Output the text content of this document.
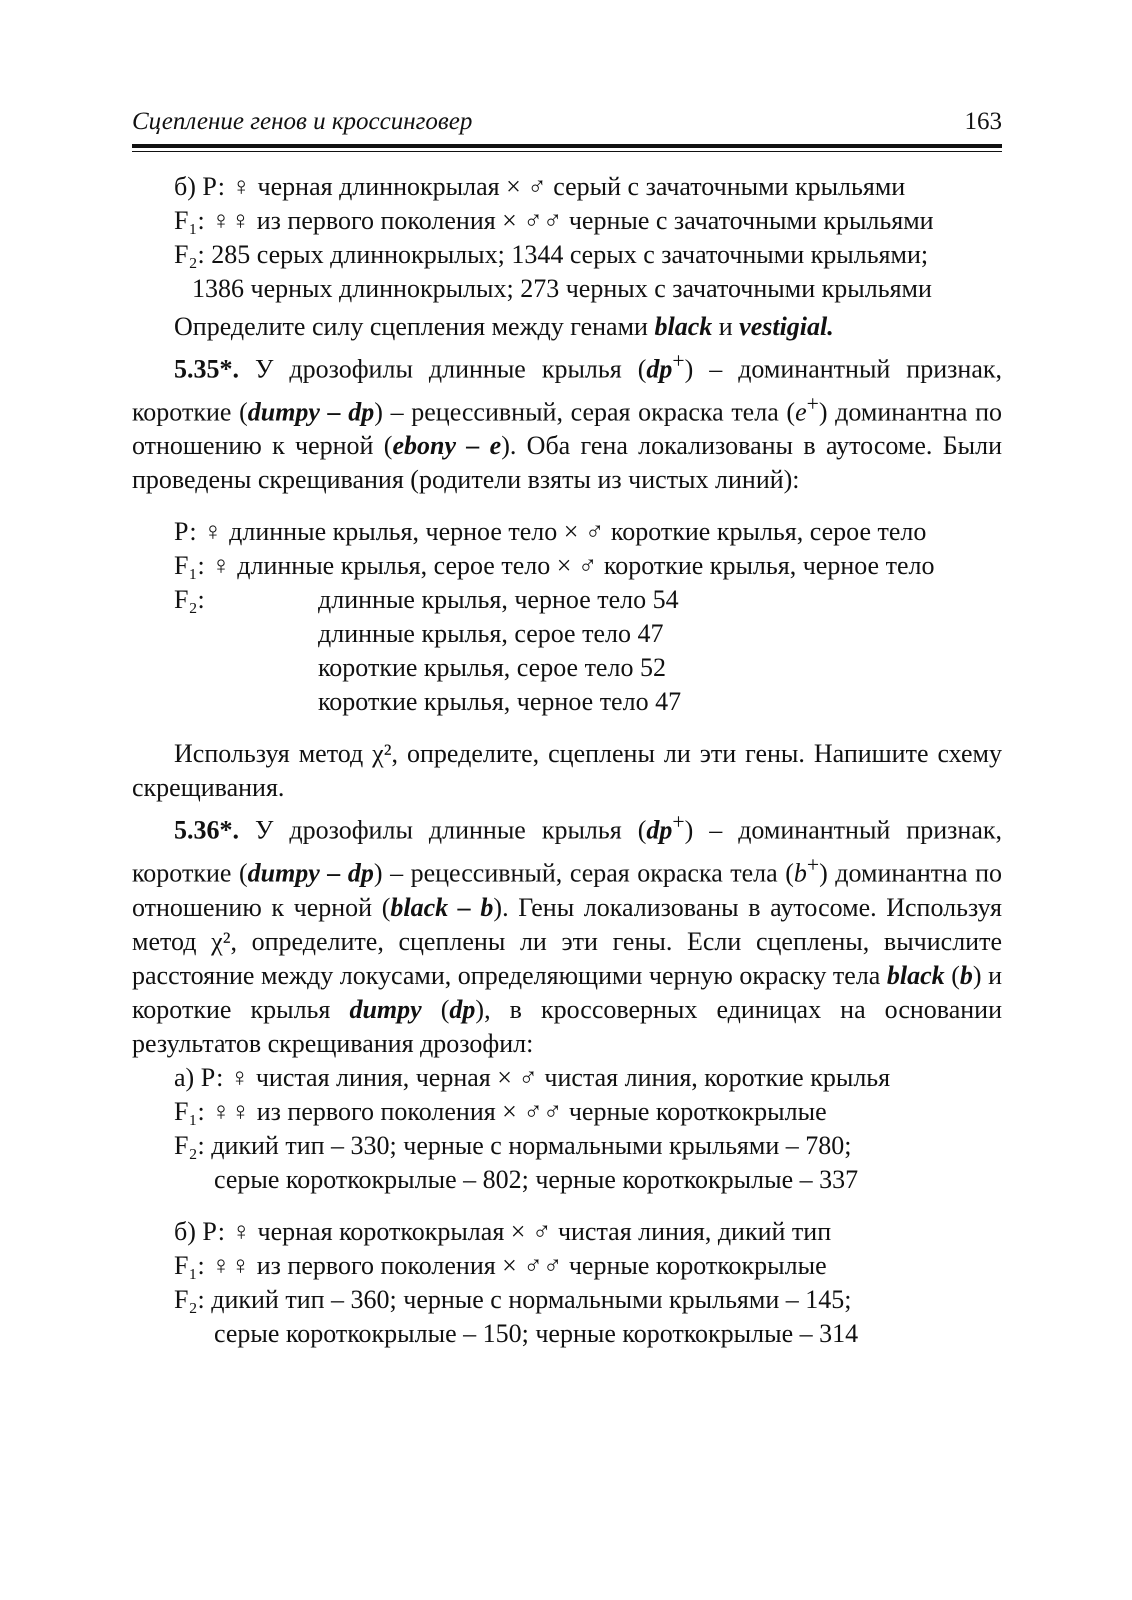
Сцепление генов и кроссинговер	163
б) Р: ♀ черная длиннокрылая × ♂ серый с зачаточными крыльями
F₁: ♀♀ из первого поколения × ♂♂ черные с зачаточными крыльями
F₂: 285 серых длиннокрылых; 1344 серых с зачаточными крыльями;
1386 черных длиннокрылых; 273 черных с зачаточными крыльями
Определите силу сцепления между генами black и vestigial.
5.35*. У дрозофилы длинные крылья (dp+) – доминантный признак, короткие (dumpy – dp) – рецессивный, серая окраска тела (e+) доминантна по отношению к черной (ebony – e). Оба гена локализованы в аутосоме. Были проведены скрещивания (родители взяты из чистых линий):
Р: ♀ длинные крылья, черное тело × ♂ короткие крылья, серое тело
F₁: ♀ длинные крылья, серое тело × ♂ короткие крылья, черное тело
F₂:	длинные крылья, черное тело 54
длинные крылья, серое тело 47
короткие крылья, серое тело 52
короткие крылья, черное тело 47
Используя метод χ², определите, сцеплены ли эти гены. Напишите схему скрещивания.
5.36*. У дрозофилы длинные крылья (dp+) – доминантный признак, короткие (dumpy – dp) – рецессивный, серая окраска тела (b+) доминантна по отношению к черной (black – b). Гены локализованы в аутосоме. Используя метод χ², определите, сцеплены ли эти гены. Если сцеплены, вычислите расстояние между локусами, определяющими черную окраску тела black (b) и короткие крылья dumpy (dp), в кроссоверных единицах на основании результатов скрещивания дрозофил:
а) Р: ♀ чистая линия, черная × ♂ чистая линия, короткие крылья
F₁: ♀♀ из первого поколения × ♂♂ черные короткокрылые
F₂: дикий тип – 330; черные с нормальными крыльями – 780;
серые короткокрылые – 802; черные короткокрылые – 337
б) Р: ♀ черная короткокрылая × ♂ чистая линия, дикий тип
F₁: ♀♀ из первого поколения × ♂♂ черные короткокрылые
F₂: дикий тип – 360; черные с нормальными крыльями – 145;
серые короткокрылые – 150; черные короткокрылые – 314
